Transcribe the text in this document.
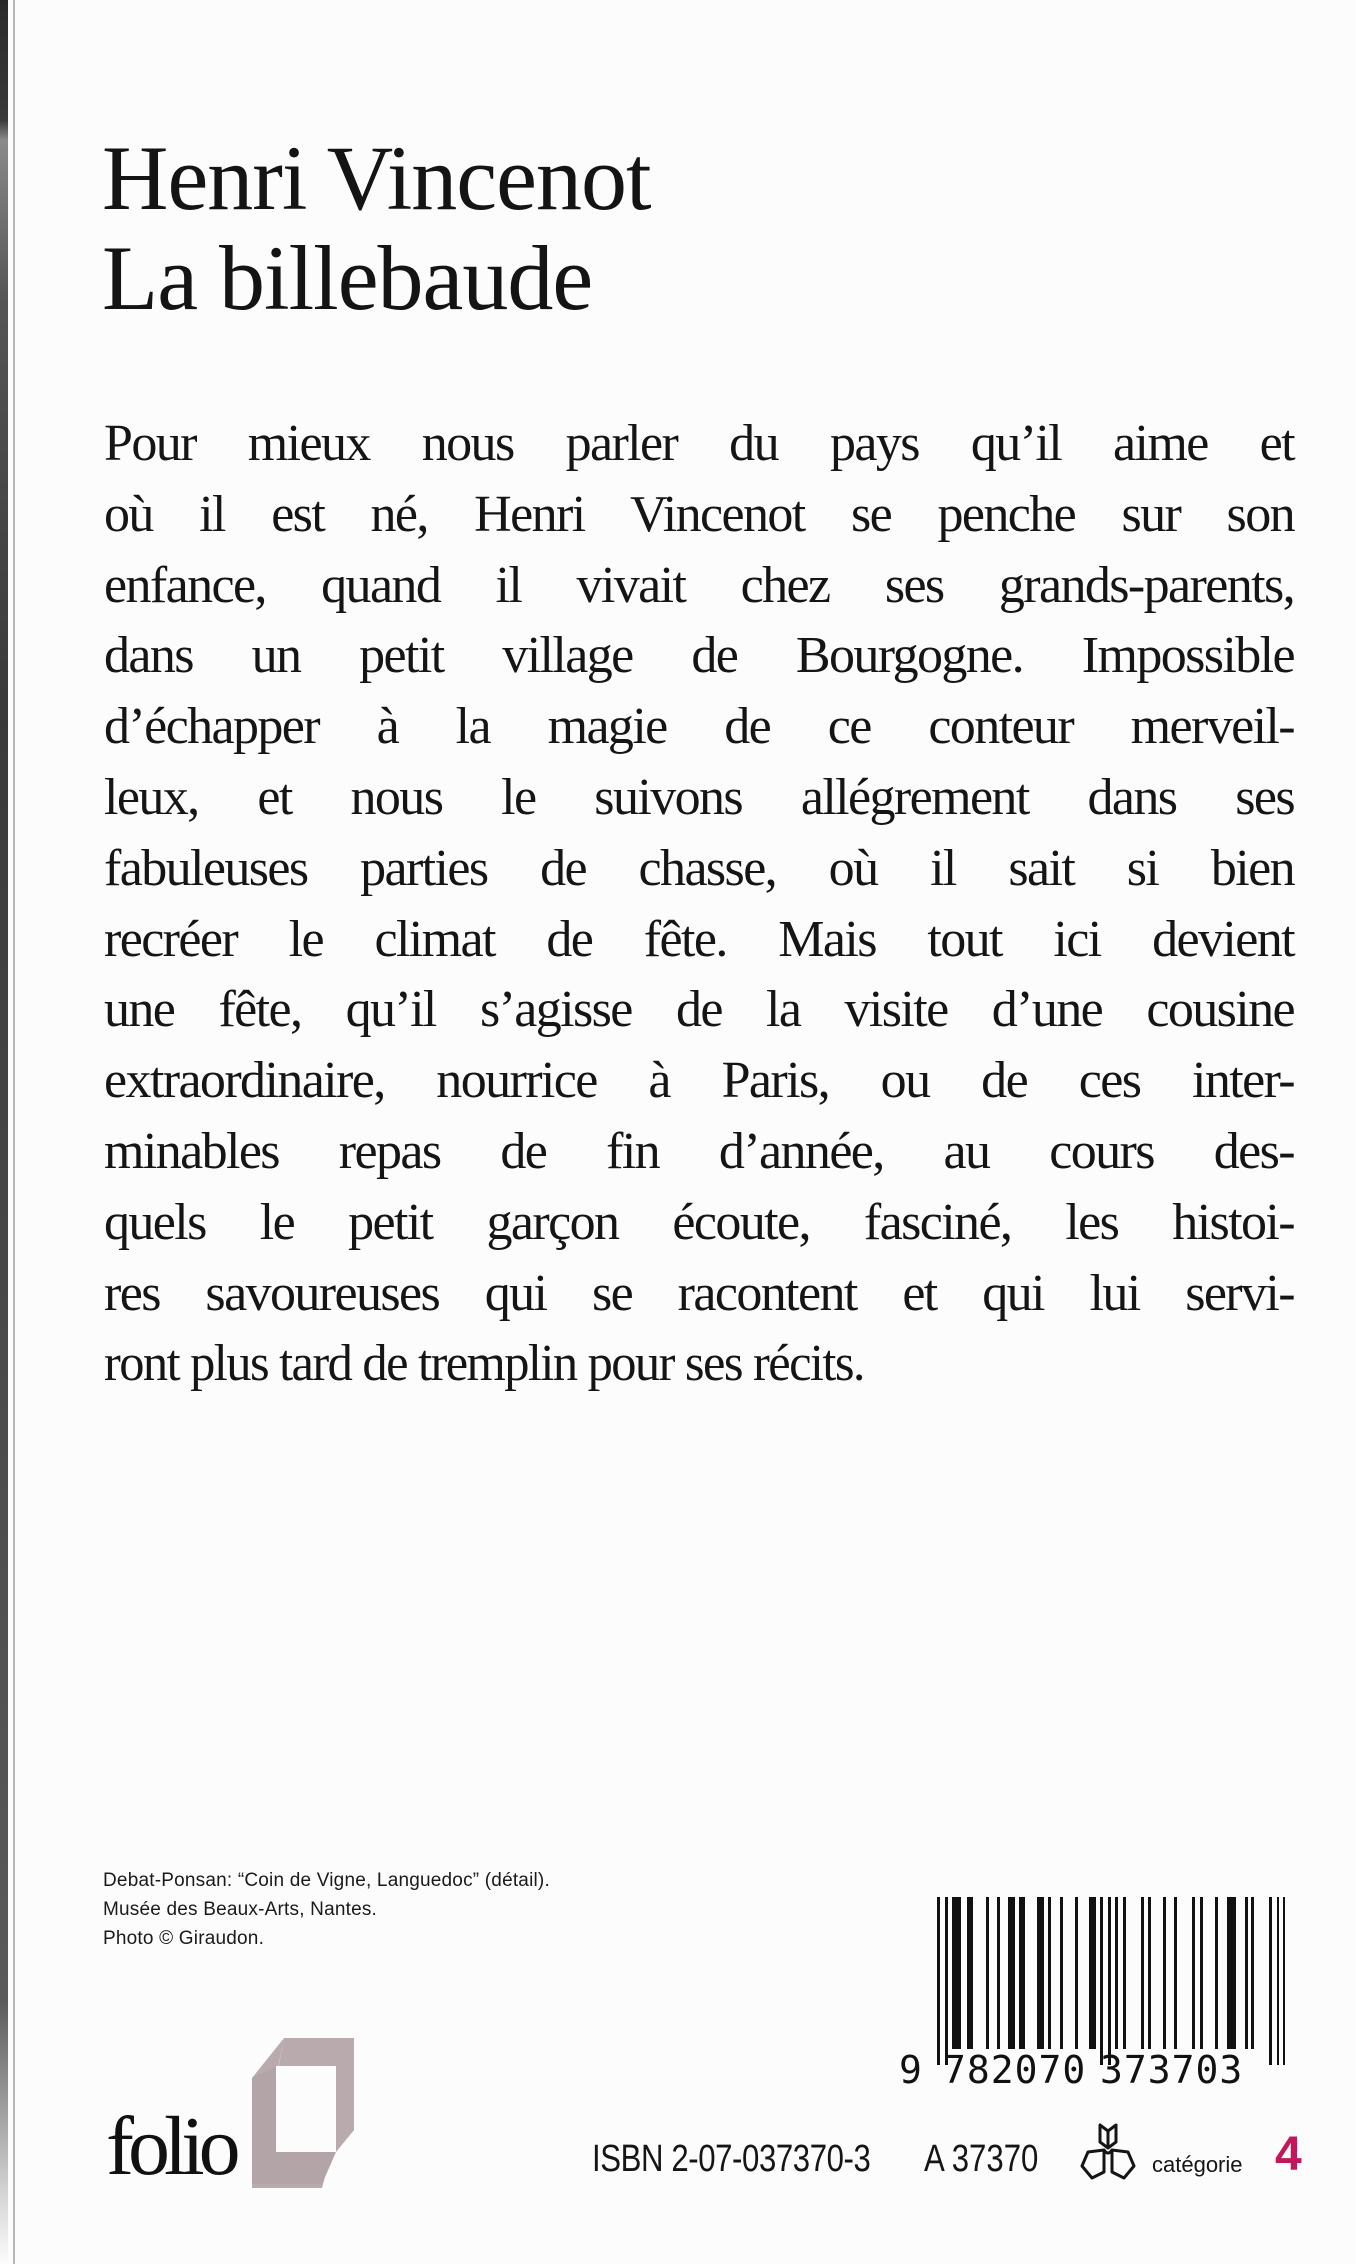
Henri Vincenot
La billebaude
Pour mieux nous parler du pays qu’il aime et
où il est né, Henri Vincenot se penche sur son
enfance, quand il vivait chez ses grands-parents,
dans un petit village de Bourgogne. Impossible
d’échapper à la magie de ce conteur merveil-
leux, et nous le suivons allégrement dans ses
fabuleuses parties de chasse, où il sait si bien
recréer le climat de fête. Mais tout ici devient
une fête, qu’il s’agisse de la visite d’une cousine
extraordinaire, nourrice à Paris, ou de ces inter-
minables repas de fin d’année, au cours des-
quels le petit garçon écoute, fasciné, les histoi-
res savoureuses qui se racontent et qui lui servi-
ront plus tard de tremplin pour ses récits.
Debat-Ponsan: “Coin de Vigne, Languedoc” (détail).
Musée des Beaux-Arts, Nantes.
Photo © Giraudon.
9 782070 373703
folio	ISBN 2-07-037370-3 A 37370	catégorie 4
